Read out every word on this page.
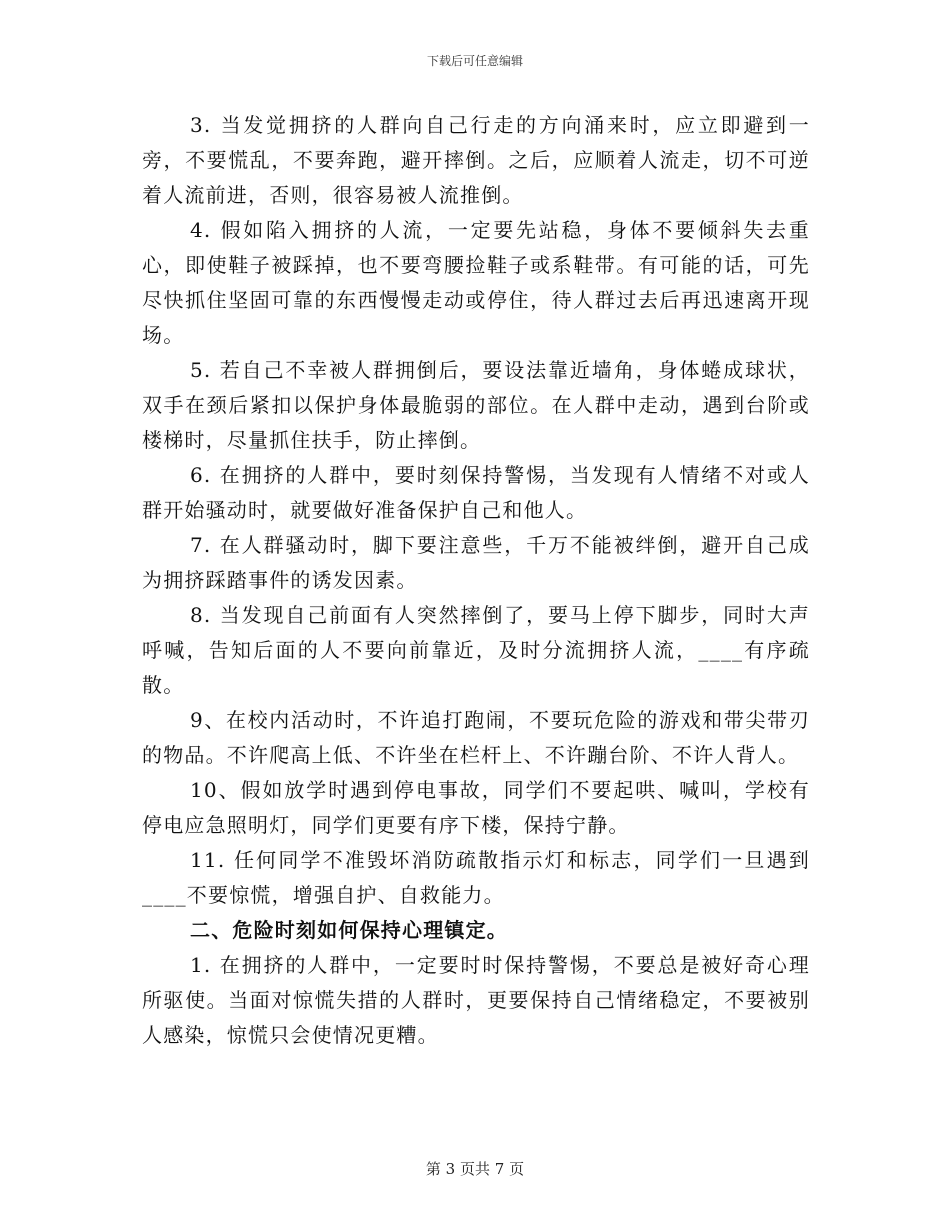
下载后可任意编辑

3. 当发觉拥挤的人群向自己行走的方向涌来时，应立即避到一旁，不要慌乱，不要奔跑，避开摔倒。之后，应顺着人流走，切不可逆着人流前进，否则，很容易被人流推倒。

4. 假如陷入拥挤的人流，一定要先站稳，身体不要倾斜失去重心，即使鞋子被踩掉，也不要弯腰捡鞋子或系鞋带。有可能的话，可先尽快抓住坚固可靠的东西慢慢走动或停住，待人群过去后再迅速离开现场。

5. 若自己不幸被人群拥倒后，要设法靠近墙角，身体蜷成球状，双手在颈后紧扣以保护身体最脆弱的部位。在人群中走动，遇到台阶或楼梯时，尽量抓住扶手，防止摔倒。

6. 在拥挤的人群中，要时刻保持警惕，当发现有人情绪不对或人群开始骚动时，就要做好准备保护自己和他人。

7. 在人群骚动时，脚下要注意些，千万不能被绊倒，避开自己成为拥挤踩踏事件的诱发因素。

8. 当发现自己前面有人突然摔倒了，要马上停下脚步，同时大声呼喊，告知后面的人不要向前靠近，及时分流拥挤人流，____有序疏散。

9、在校内活动时，不许追打跑闹，不要玩危险的游戏和带尖带刃的物品。不许爬高上低、不许坐在栏杆上、不许蹦台阶、不许人背人。

10、假如放学时遇到停电事故，同学们不要起哄、喊叫，学校有停电应急照明灯，同学们更要有序下楼，保持宁静。

11. 任何同学不准毁坏消防疏散指示灯和标志，同学们一旦遇到____不要惊慌，增强自护、自救能力。

二、危险时刻如何保持心理镇定。

1. 在拥挤的人群中，一定要时时保持警惕，不要总是被好奇心理所驱使。当面对惊慌失措的人群时，更要保持自己情绪稳定，不要被别人感染，惊慌只会使情况更糟。

第 3 页共 7 页
